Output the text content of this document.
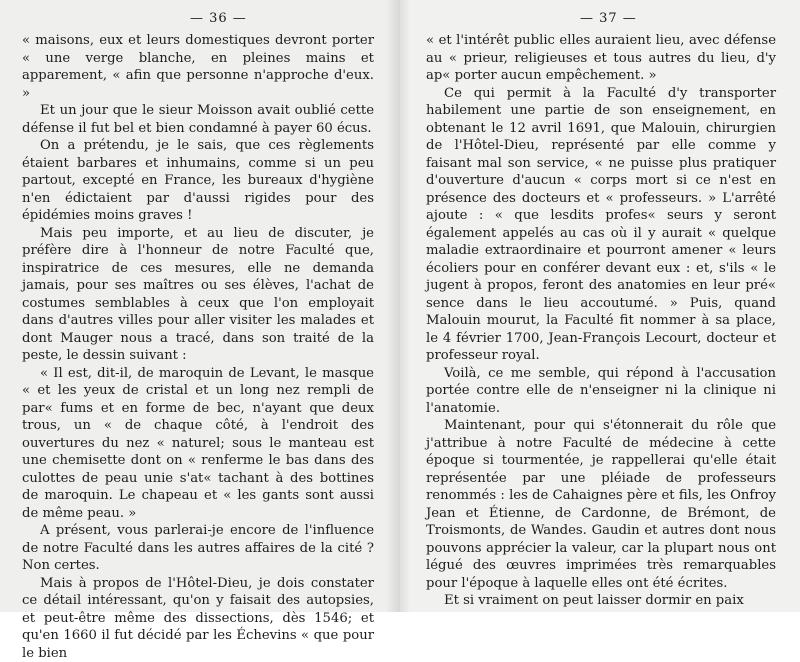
— 36 —

« maisons, eux et leurs domestiques devront porter « une verge blanche, en pleines mains et apparement, « afin que personne n'approche d'eux. »

Et un jour que le sieur Moisson avait oublié cette défense il fut bel et bien condamné à payer 60 écus.

On a prétendu, je le sais, que ces règlements étaient barbares et inhumains, comme si un peu partout, excepté en France, les bureaux d'hygiène n'en édictaient par d'aussi rigides pour des épidémies moins graves !

Mais peu importe, et au lieu de discuter, je préfère dire à l'honneur de notre Faculté que, inspiratrice de ces mesures, elle ne demanda jamais, pour ses maîtres ou ses élèves, l'achat de costumes semblables à ceux que l'on employait dans d'autres villes pour aller visiter les malades et dont Mauger nous a tracé, dans son traité de la peste, le dessin suivant :

« Il est, dit-il, de maroquin de Levant, le masque « et les yeux de cristal et un long nez rempli de par« fums et en forme de bec, n'ayant que deux trous, un « de chaque côté, à l'endroit des ouvertures du nez « naturel; sous le manteau est une chemisette dont on « renferme le bas dans des culottes de peau unie s'at« tachant à des bottines de maroquin. Le chapeau et « les gants sont aussi de même peau. »

A présent, vous parlerai-je encore de l'influence de notre Faculté dans les autres affaires de la cité ? Non certes.

Mais à propos de l'Hôtel-Dieu, je dois constater ce détail intéressant, qu'on y faisait des autopsies, et peut-être même des dissections, dès 1546; et qu'en 1660 il fut décidé par les Échevins « que pour le bien

— 37 —

« et l'intérêt public elles auraient lieu, avec défense au « prieur, religieuses et tous autres du lieu, d'y ap« porter aucun empêchement. »

Ce qui permit à la Faculté d'y transporter habilement une partie de son enseignement, en obtenant le 12 avril 1691, que Malouin, chirurgien de l'Hôtel-Dieu, représenté par elle comme y faisant mal son service, « ne puisse plus pratiquer d'ouverture d'aucun « corps mort si ce n'est en présence des docteurs et « professeurs. » L'arrêté ajoute : « que lesdits profes« seurs y seront également appelés au cas où il y aurait « quelque maladie extraordinaire et pourront amener « leurs écoliers pour en conférer devant eux : et, s'ils « le jugent à propos, feront des anatomies en leur pré« sence dans le lieu accoutumé. » Puis, quand Malouin mourut, la Faculté fit nommer à sa place, le 4 février 1700, Jean-François Lecourt, docteur et professeur royal.

Voilà, ce me semble, qui répond à l'accusation portée contre elle de n'enseigner ni la clinique ni l'anatomie.

Maintenant, pour qui s'étonnerait du rôle que j'attribue à notre Faculté de médecine à cette époque si tourmentée, je rappellerai qu'elle était représentée par une pléiade de professeurs renommés : les de Cahaignes père et fils, les Onfroy Jean et Étienne, de Cardonne, de Brémont, de Troismonts, de Wandes. Gaudin et autres dont nous pouvons apprécier la valeur, car la plupart nous ont légué des œuvres imprimées très remarquables pour l'époque à laquelle elles ont été écrites.

Et si vraiment on peut laisser dormir en paix
